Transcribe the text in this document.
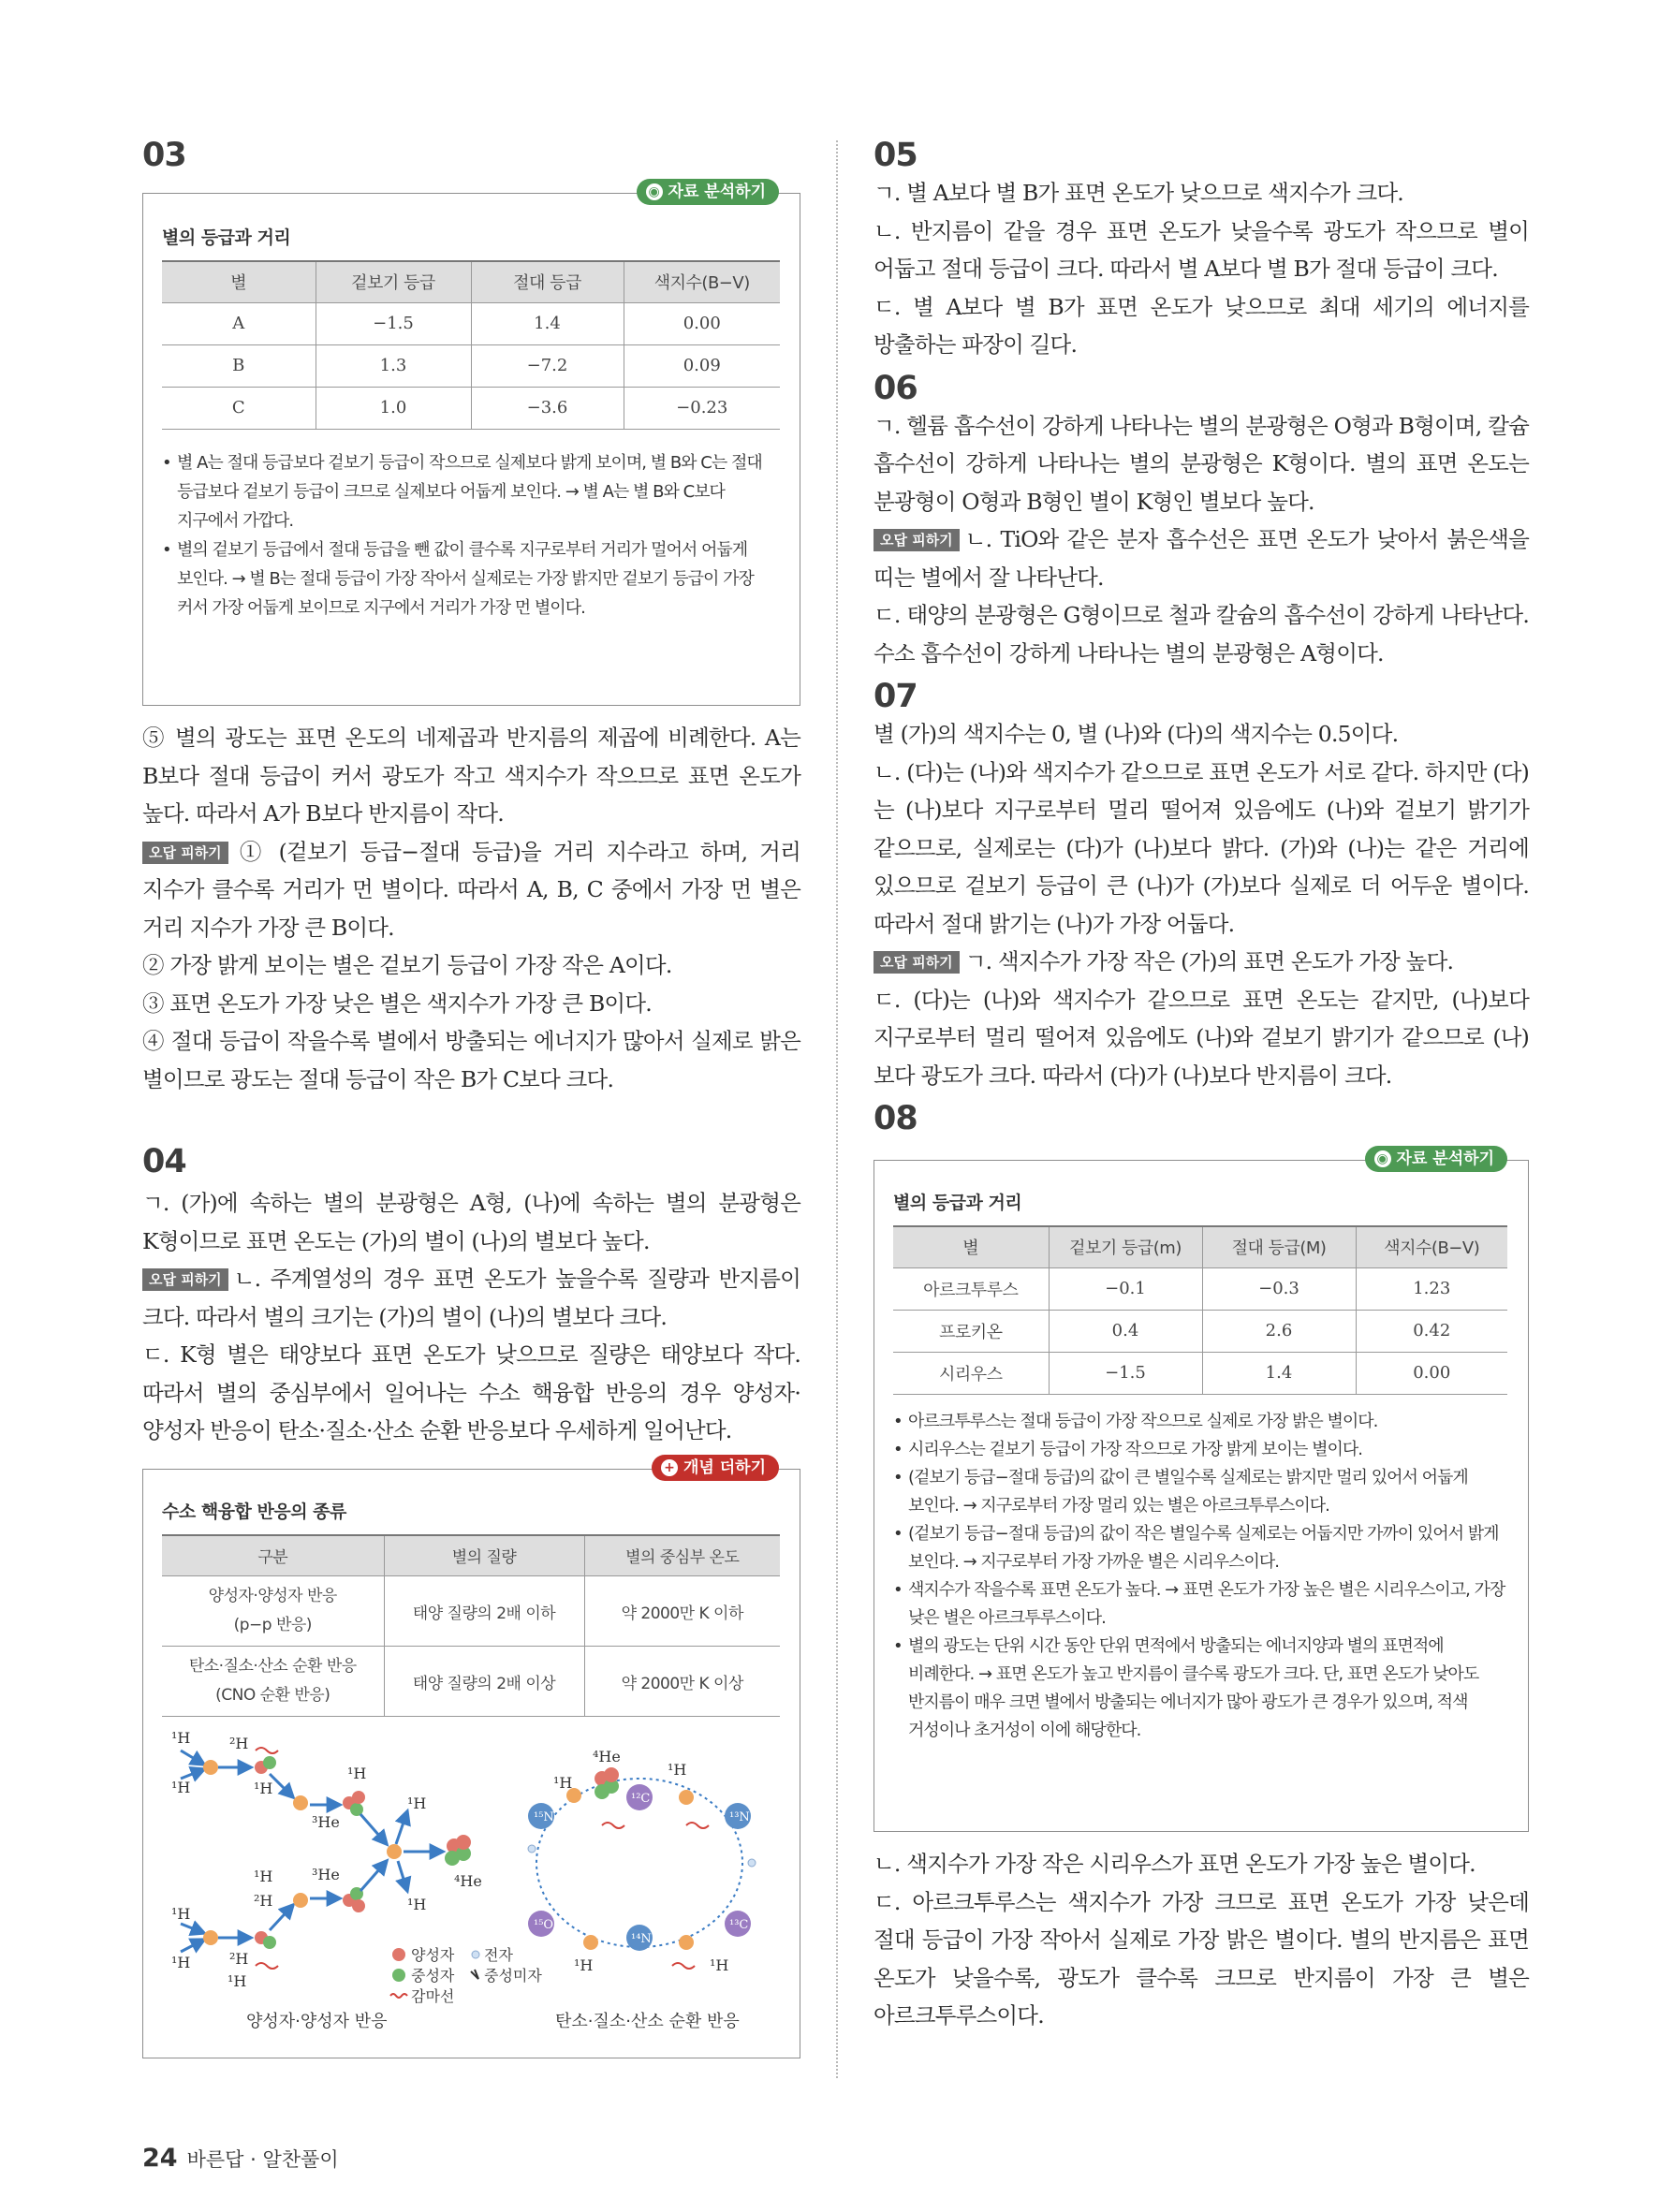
03
◉ 자료 분석하기
별의 등급과 거리
별	겉보기 등급	절대 등급	색지수(B−V)
A	−1.5	1.4	0.00
B	1.3	−7.2	0.09
C	1.0	−3.6	−0.23
• 별 A는 절대 등급보다 겉보기 등급이 작으므로 실제보다 밝게 보이며, 별 B와 C는 절대 등급보다 겉보기 등급이 크므로 실제보다 어둡게 보인다. → 별 A는 별 B와 C보다 지구에서 가깝다.
• 별의 겉보기 등급에서 절대 등급을 뺀 값이 클수록 지구로부터 거리가 멀어서 어둡게 보인다. → 별 B는 절대 등급이 가장 작아서 실제로는 가장 밝지만 겉보기 등급이 가장 커서 가장 어둡게 보이므로 지구에서 거리가 가장 먼 별이다.

⑤ 별의 광도는 표면 온도의 네제곱과 반지름의 제곱에 비례한다. A는 B보다 절대 등급이 커서 광도가 작고 색지수가 작으므로 표면 온도가 높다. 따라서 A가 B보다 반지름이 작다.

오답 피하기 ① (겉보기 등급−절대 등급)을 거리 지수라고 하며, 거리 지수가 클수록 거리가 먼 별이다. 따라서 A, B, C 중에서 가장 먼 별은 거리 지수가 가장 큰 B이다.

② 가장 밝게 보이는 별은 겉보기 등급이 가장 작은 A이다.

③ 표면 온도가 가장 낮은 별은 색지수가 가장 큰 B이다.

④ 절대 등급이 작을수록 별에서 방출되는 에너지가 많아서 실제로 밝은 별이므로 광도는 절대 등급이 작은 B가 C보다 크다.

04

ㄱ. (가)에 속하는 별의 분광형은 A형, (나)에 속하는 별의 분광형은 K형이므로 표면 온도는 (가)의 별이 (나)의 별보다 높다.

오답 피하기 ㄴ. 주계열성의 경우 표면 온도가 높을수록 질량과 반지름이 크다. 따라서 별의 크기는 (가)의 별이 (나)의 별보다 크다.

ㄷ. K형 별은 태양보다 표면 온도가 낮으므로 질량은 태양보다 작다. 따라서 별의 중심부에서 일어나는 수소 핵융합 반응의 경우 양성자·양성자 반응이 탄소·질소·산소 순환 반응보다 우세하게 일어난다.

+ 개념 더하기
수소 핵융합 반응의 종류
구분	별의 질량	별의 중심부 온도
양성자·양성자 반응
(p−p 반응)	태양 질량의 2배 이하	약 2000만 K 이하
탄소·질소·산소 순환 반응
(CNO 순환 반응)	태양 질량의 2배 이상	약 2000만 K 이상
¹H	²H
¹H
¹H
³He
¹H
²H
¹H	³He
¹H
⁴He
¹H
¹H
²H
¹H
¹H
⁴He
¹H
¹H
¹⁵N
¹²C
¹³N
¹⁵O
¹⁴N
¹³C
¹H	¹H
양성자 전자
중성자 중성미자
감마선
양성자·양성자 반응	탄소·질소·산소 순환 반응
05

ㄱ. 별 A보다 별 B가 표면 온도가 낮으므로 색지수가 크다.

ㄴ. 반지름이 같을 경우 표면 온도가 낮을수록 광도가 작으므로 별이 어둡고 절대 등급이 크다. 따라서 별 A보다 별 B가 절대 등급이 크다.

ㄷ. 별 A보다 별 B가 표면 온도가 낮으므로 최대 세기의 에너지를 방출하는 파장이 길다.

06

ㄱ. 헬륨 흡수선이 강하게 나타나는 별의 분광형은 O형과 B형이며, 칼슘 흡수선이 강하게 나타나는 별의 분광형은 K형이다. 별의 표면 온도는 분광형이 O형과 B형인 별이 K형인 별보다 높다.

오답 피하기 ㄴ. TiO와 같은 분자 흡수선은 표면 온도가 낮아서 붉은색을 띠는 별에서 잘 나타난다.

ㄷ. 태양의 분광형은 G형이므로 철과 칼슘의 흡수선이 강하게 나타난다. 수소 흡수선이 강하게 나타나는 별의 분광형은 A형이다.

07

별 (가)의 색지수는 0, 별 (나)와 (다)의 색지수는 0.5이다.

ㄴ. (다)는 (나)와 색지수가 같으므로 표면 온도가 서로 같다. 하지만 (다)는 (나)보다 지구로부터 멀리 떨어져 있음에도 (나)와 겉보기 밝기가 같으므로, 실제로는 (다)가 (나)보다 밝다. (가)와 (나)는 같은 거리에 있으므로 겉보기 등급이 큰 (나)가 (가)보다 실제로 더 어두운 별이다. 따라서 절대 밝기는 (나)가 가장 어둡다.

오답 피하기 ㄱ. 색지수가 가장 작은 (가)의 표면 온도가 가장 높다.

ㄷ. (다)는 (나)와 색지수가 같으므로 표면 온도는 같지만, (나)보다 지구로부터 멀리 떨어져 있음에도 (나)와 겉보기 밝기가 같으므로 (나)보다 광도가 크다. 따라서 (다)가 (나)보다 반지름이 크다.

08
◉ 자료 분석하기
별의 등급과 거리
별	겉보기 등급(m)	절대 등급(M)	색지수(B−V)
아르크투루스	−0.1	−0.3	1.23
프로키온	0.4	2.6	0.42
시리우스	−1.5	1.4	0.00
• 아르크투루스는 절대 등급이 가장 작으므로 실제로 가장 밝은 별이다.
• 시리우스는 겉보기 등급이 가장 작으므로 가장 밝게 보이는 별이다.
• (겉보기 등급−절대 등급)의 값이 큰 별일수록 실제로는 밝지만 멀리 있어서 어둡게 보인다. → 지구로부터 가장 멀리 있는 별은 아르크투루스이다.
• (겉보기 등급−절대 등급)의 값이 작은 별일수록 실제로는 어둡지만 가까이 있어서 밝게 보인다. → 지구로부터 가장 가까운 별은 시리우스이다.
• 색지수가 작을수록 표면 온도가 높다. → 표면 온도가 가장 높은 별은 시리우스이고, 가장 낮은 별은 아르크투루스이다.
• 별의 광도는 단위 시간 동안 단위 면적에서 방출되는 에너지양과 별의 표면적에 비례한다. → 표면 온도가 높고 반지름이 클수록 광도가 크다. 단, 표면 온도가 낮아도 반지름이 매우 크면 별에서 방출되는 에너지가 많아 광도가 큰 경우가 있으며, 적색 거성이나 초거성이 이에 해당한다.

ㄴ. 색지수가 가장 작은 시리우스가 표면 온도가 가장 높은 별이다.

ㄷ. 아르크투루스는 색지수가 가장 크므로 표면 온도가 가장 낮은데 절대 등급이 가장 작아서 실제로 가장 밝은 별이다. 별의 반지름은 표면 온도가 낮을수록, 광도가 클수록 크므로 반지름이 가장 큰 별은 아르크투루스이다.

24 바른답 · 알찬풀이
